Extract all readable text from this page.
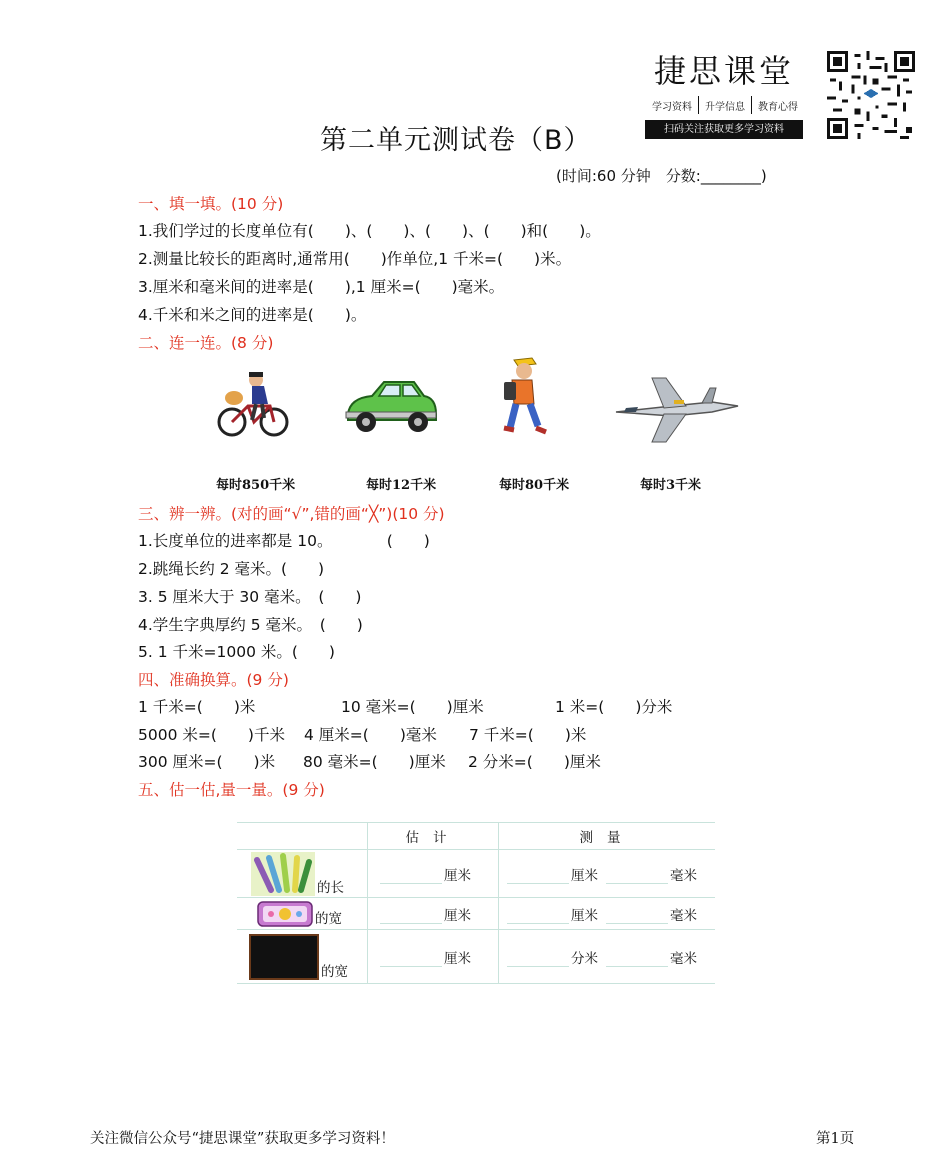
捷思课堂
学习资料	升学信息	教育心得
扫码关注获取更多学习资料
第二单元测试卷（B）
(时间:60 分钟　分数:________)
一、填一填。(10 分)
1.我们学过的长度单位有(　　)、(　　)、(　　)、(　　)和(　　)。
2.测量比较长的距离时,通常用(　　)作单位,1 千米=(　　)米。
3.厘米和毫米间的进率是(　　),1 厘米=(　　)毫米。
4.千米和米之间的进率是(　　)。
二、连一连。(8 分)
每时850千米	每时12千米	每时80千米	每时3千米
三、辨一辨。(对的画“√”,错的画“╳”)(10 分)
1.长度单位的进率都是 10。　　　　(　　)
2.跳绳长约 2 毫米。(　　)
3. 5 厘米大于 30 毫米。　(　　)
4.学生字典厚约 5 毫米。　(　　)
5. 1 千米=1000 米。(　　)
四、准确换算。(9 分)
1 千米=(　　)米	10 毫米=(　　)厘米	1 米=(　　)分米
5000 米=(　　)千米 4 厘米=(　　)毫米 7 千米=(　　)米
300 厘米=(　　)米 80 毫米=(　　)厘米 2 分米=(　　)厘米
五、估一估,量一量。(9 分)
	估计	测量

的长	厘米	厘米 毫米

的宽	厘米	厘米 毫米

的宽	厘米	分米 毫米
关注微信公众号“捷思课堂”获取更多学习资料！	第1页
